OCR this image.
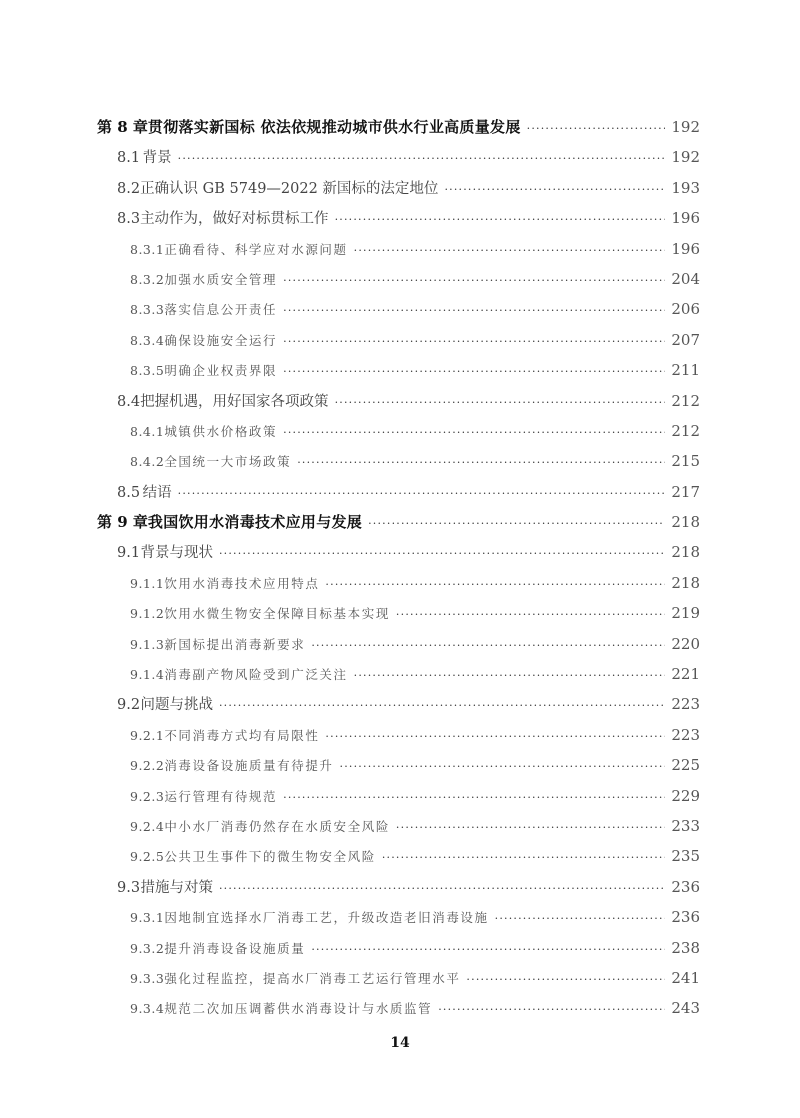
第 8 章 贯彻落实新国标 依法依规推动城市供水行业高质量发展 ·····	192
8.1 背景 ·····	192
8.2 正确认识 GB 5749—2022 新国标的法定地位 ·····	193
8.3 主动作为，做好对标贯标工作 ·····	196
8.3.1 正确看待、科学应对水源问题 ·····	196
8.3.2 加强水质安全管理 ·····	204
8.3.3 落实信息公开责任 ·····	206
8.3.4 确保设施安全运行 ·····	207
8.3.5 明确企业权责界限 ·····	211
8.4 把握机遇，用好国家各项政策 ·····	212
8.4.1 城镇供水价格政策 ·····	212
8.4.2 全国统一大市场政策 ·····	215
8.5 结语 ·····	217
第 9 章 我国饮用水消毒技术应用与发展 ·····	218
9.1 背景与现状 ·····	218
9.1.1 饮用水消毒技术应用特点 ·····	218
9.1.2 饮用水微生物安全保障目标基本实现 ·····	219
9.1.3 新国标提出消毒新要求 ·····	220
9.1.4 消毒副产物风险受到广泛关注 ·····	221
9.2 问题与挑战 ·····	223
9.2.1 不同消毒方式均有局限性 ·····	223
9.2.2 消毒设备设施质量有待提升 ·····	225
9.2.3 运行管理有待规范 ·····	229
9.2.4 中小水厂消毒仍然存在水质安全风险 ·····	233
9.2.5 公共卫生事件下的微生物安全风险 ·····	235
9.3 措施与对策 ·····	236
9.3.1 因地制宜选择水厂消毒工艺，升级改造老旧消毒设施 ·····	236
9.3.2 提升消毒设备设施质量 ·····	238
9.3.3 强化过程监控，提高水厂消毒工艺运行管理水平 ·····	241
9.3.4 规范二次加压调蓄供水消毒设计与水质监管 ·····	243
14
